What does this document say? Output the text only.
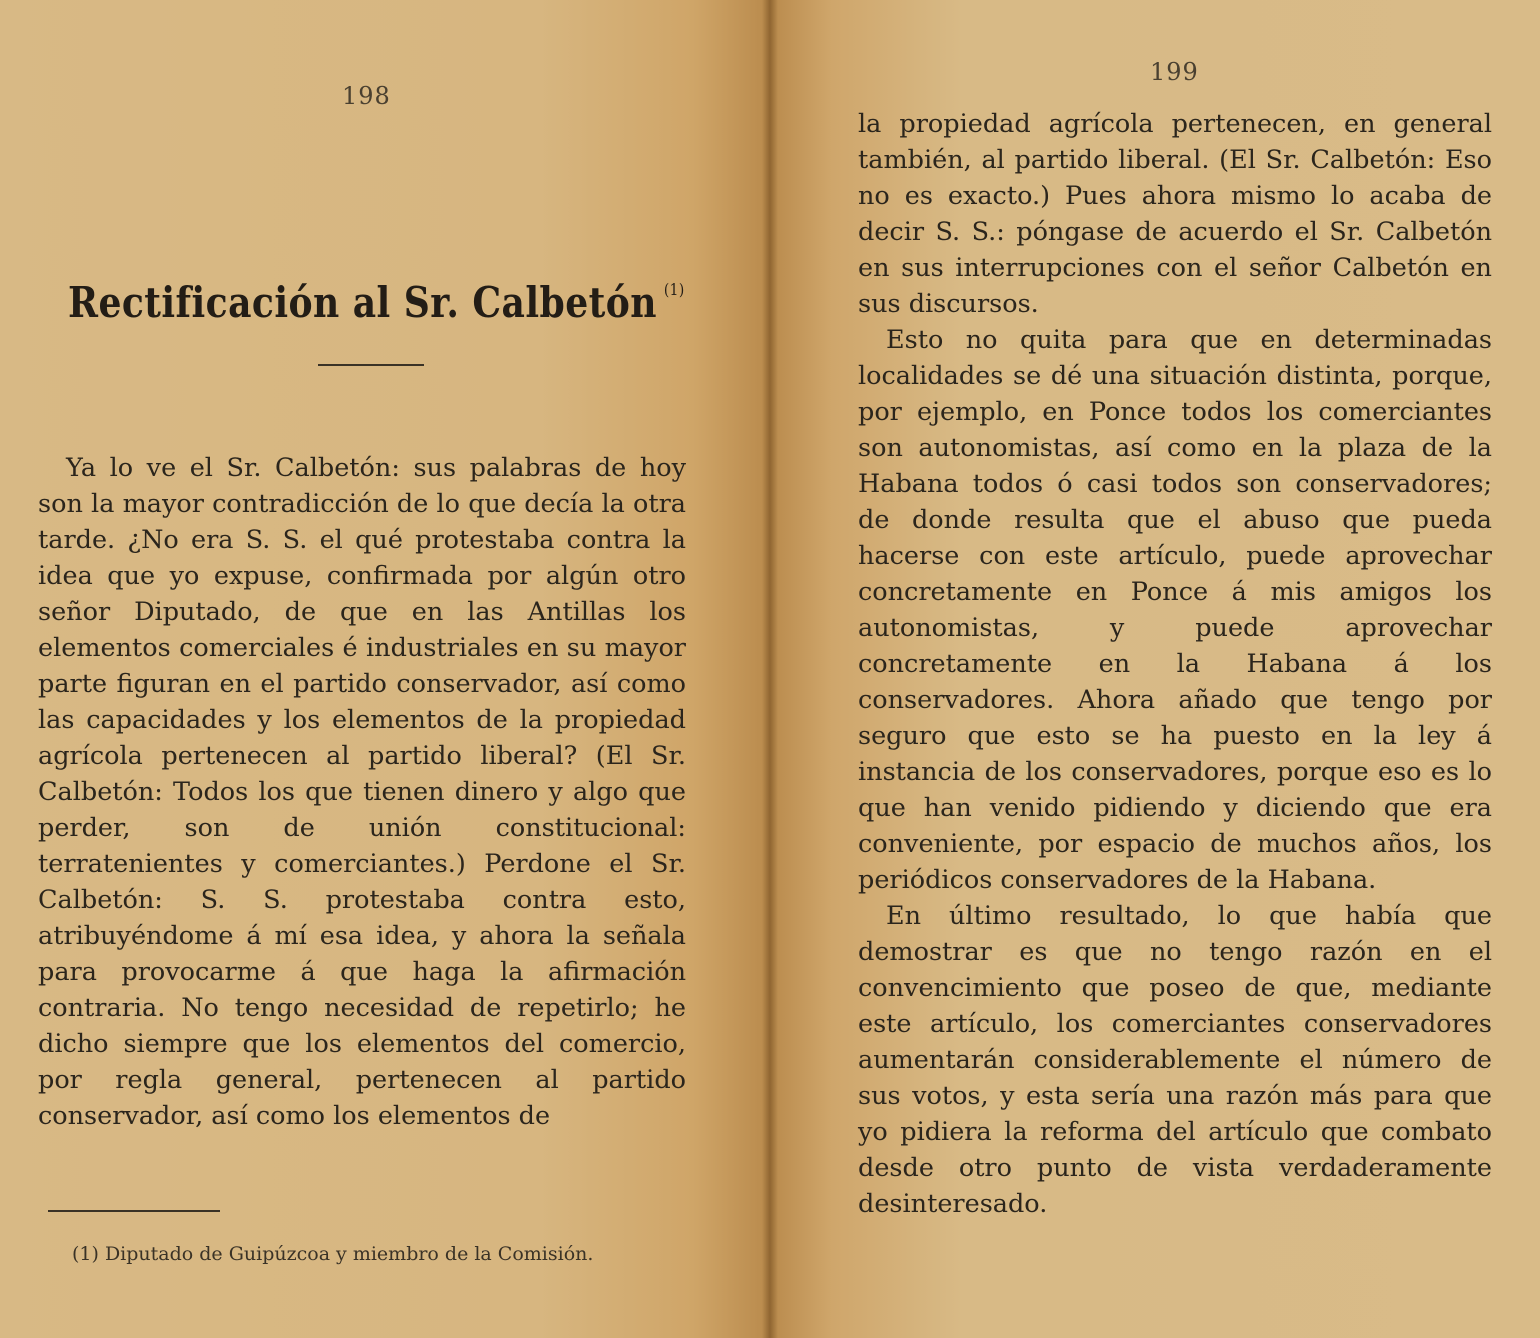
198
Rectificación al Sr. Calbetón $^{(1)}$

Ya lo ve el Sr. Calbetón: sus palabras de hoy son la mayor contradicción de lo que decía la otra tarde. ¿No era S. S. el qué protestaba contra la idea que yo expuse, confirmada por algún otro señor Diputado, de que en las Antillas los elementos comerciales é industriales en su mayor parte figuran en el partido conservador, así como las capacidades y los elementos de la propiedad agrícola pertenecen al partido liberal? (El Sr. Calbetón: Todos los que tienen dinero y algo que perder, son de unión constitucional: terratenientes y comerciantes.) Perdone el Sr. Calbetón: S. S. protestaba contra esto, atribuyéndome á mí esa idea, y ahora la señala para provocarme á que haga la afirmación contraria. No tengo necesidad de repetirlo; he dicho siempre que los elementos del comercio, por regla general, pertenecen al partido conservador, así como los elementos de

(1) Diputado de Guipúzcoa y miembro de la Comisión.
199

la propiedad agrícola pertenecen, en general también, al partido liberal. (El Sr. Calbetón: Eso no es exacto.) Pues ahora mismo lo acaba de decir S. S.: póngase de acuerdo el Sr. Calbetón en sus interrupciones con el señor Calbetón en sus discursos.

Esto no quita para que en determinadas localidades se dé una situación distinta, porque, por ejemplo, en Ponce todos los comerciantes son autonomistas, así como en la plaza de la Habana todos ó casi todos son conservadores; de donde resulta que el abuso que pueda hacerse con este artículo, puede aprovechar concretamente en Ponce á mis amigos los autonomistas, y puede aprovechar concretamente en la Habana á los conservadores. Ahora añado que tengo por seguro que esto se ha puesto en la ley á instancia de los conservadores, porque eso es lo que han venido pidiendo y diciendo que era conveniente, por espacio de muchos años, los periódicos conservadores de la Habana.

En último resultado, lo que había que demostrar es que no tengo razón en el convencimiento que poseo de que, mediante este artículo, los comerciantes conservadores aumentarán considerablemente el número de sus votos, y esta sería una razón más para que yo pidiera la reforma del artículo que combato desde otro punto de vista verdaderamente desinteresado.
